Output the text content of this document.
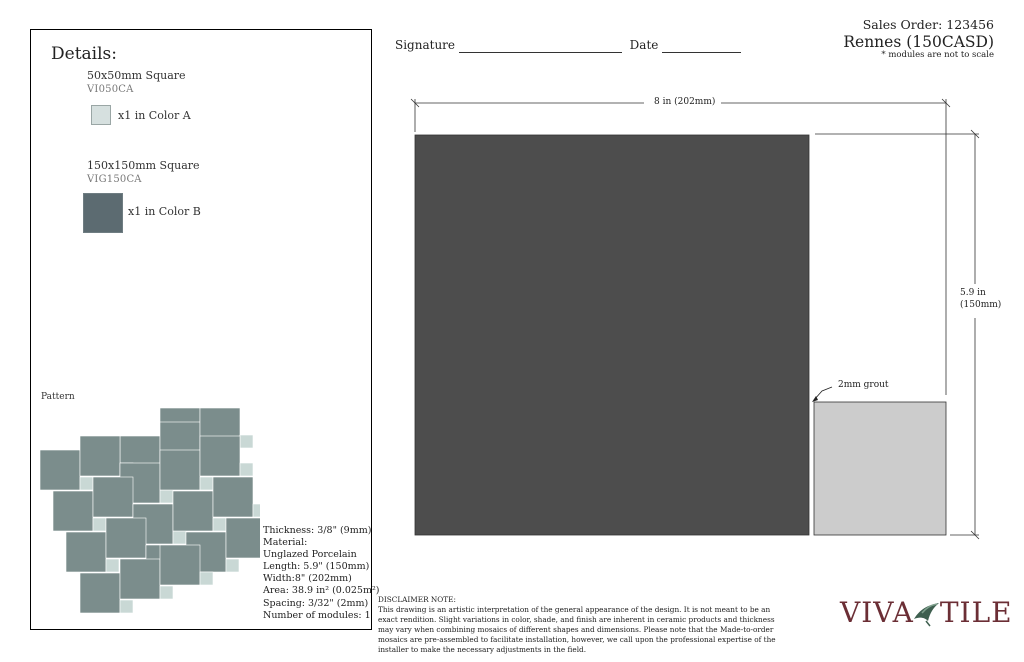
Details:
50x50mm Square
VI050CA
x1 in Color A
150x150mm Square
VIG150CA
x1 in Color B
Pattern
Thickness: 3/8" (9mm)
Material:
Unglazed Porcelain
Length: 5.9" (150mm)
Width:8" (202mm)
Area: 38.9 in² (0.025m²)
Spacing: 3/32" (2mm)
Number of modules: 1
Signature	Date
Sales Order: 123456
Rennes (150CASD)
* modules are not to scale
8 in (202mm)
5.9 in
(150mm)
2mm grout
DISCLAIMER NOTE:
This drawing is an artistic interpretation of the general appearance of the design. It is not meant to be an exact rendition. Slight variations in color, shade, and finish are inherent in ceramic products and thickness may vary when combining mosaics of different shapes and dimensions. Please note that the Made-to-order mosaics are pre-assembled to facilitate installation, however, we call upon the professional expertise of the installer to make the necessary adjustments in the field.
VIVA TILE
